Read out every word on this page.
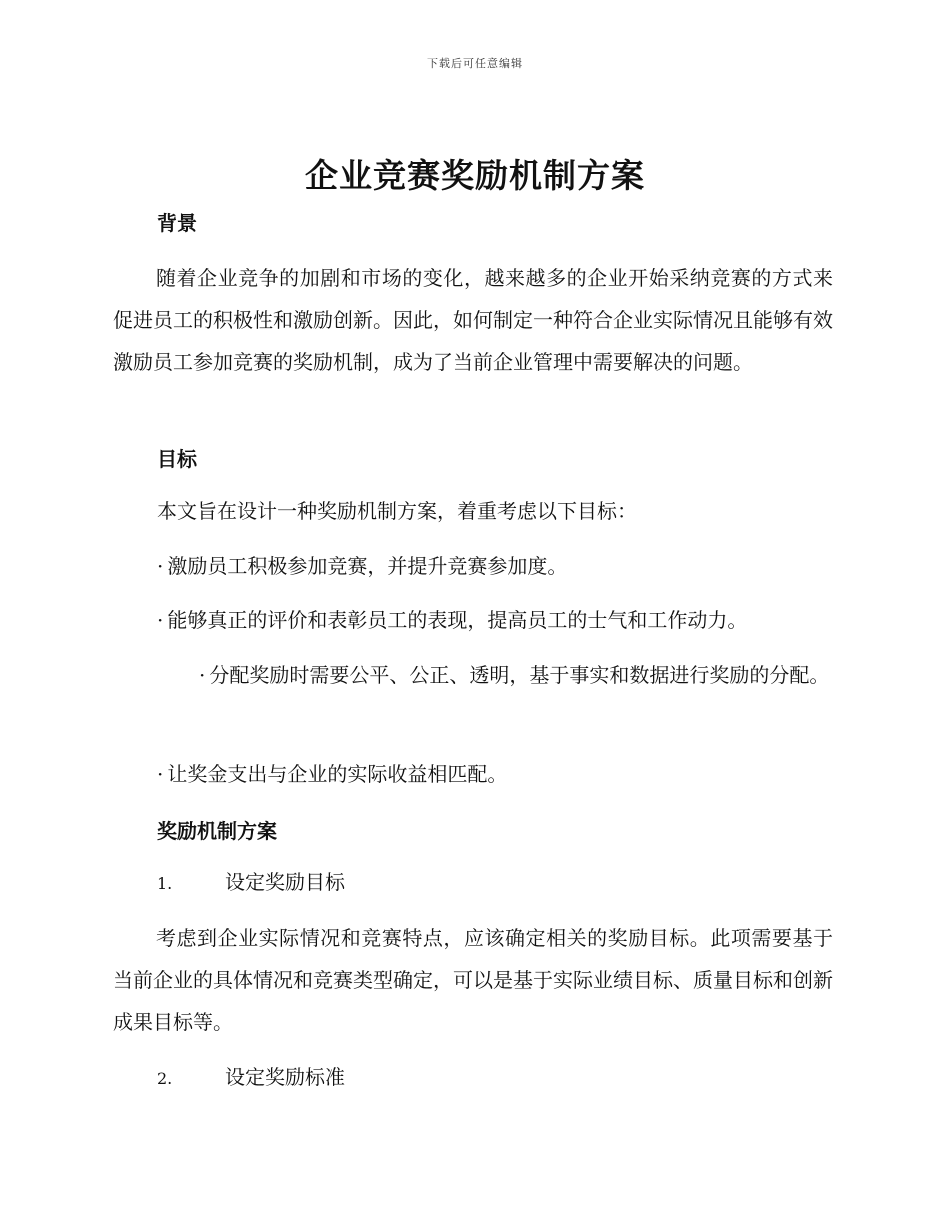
下载后可任意编辑
企业竞赛奖励机制方案
背景
随着企业竞争的加剧和市场的变化，越来越多的企业开始采纳竞赛的方式来促进员工的积极性和激励创新。因此，如何制定一种符合企业实际情况且能够有效激励员工参加竞赛的奖励机制，成为了当前企业管理中需要解决的问题。
目标
本文旨在设计一种奖励机制方案，着重考虑以下目标：
· 激励员工积极参加竞赛，并提升竞赛参加度。
· 能够真正的评价和表彰员工的表现，提高员工的士气和工作动力。
· 分配奖励时需要公平、公正、透明，基于事实和数据进行奖励的分配。
· 让奖金支出与企业的实际收益相匹配。
奖励机制方案
1.	设定奖励目标
考虑到企业实际情况和竞赛特点，应该确定相关的奖励目标。此项需要基于当前企业的具体情况和竞赛类型确定，可以是基于实际业绩目标、质量目标和创新成果目标等。
2.	设定奖励标准
